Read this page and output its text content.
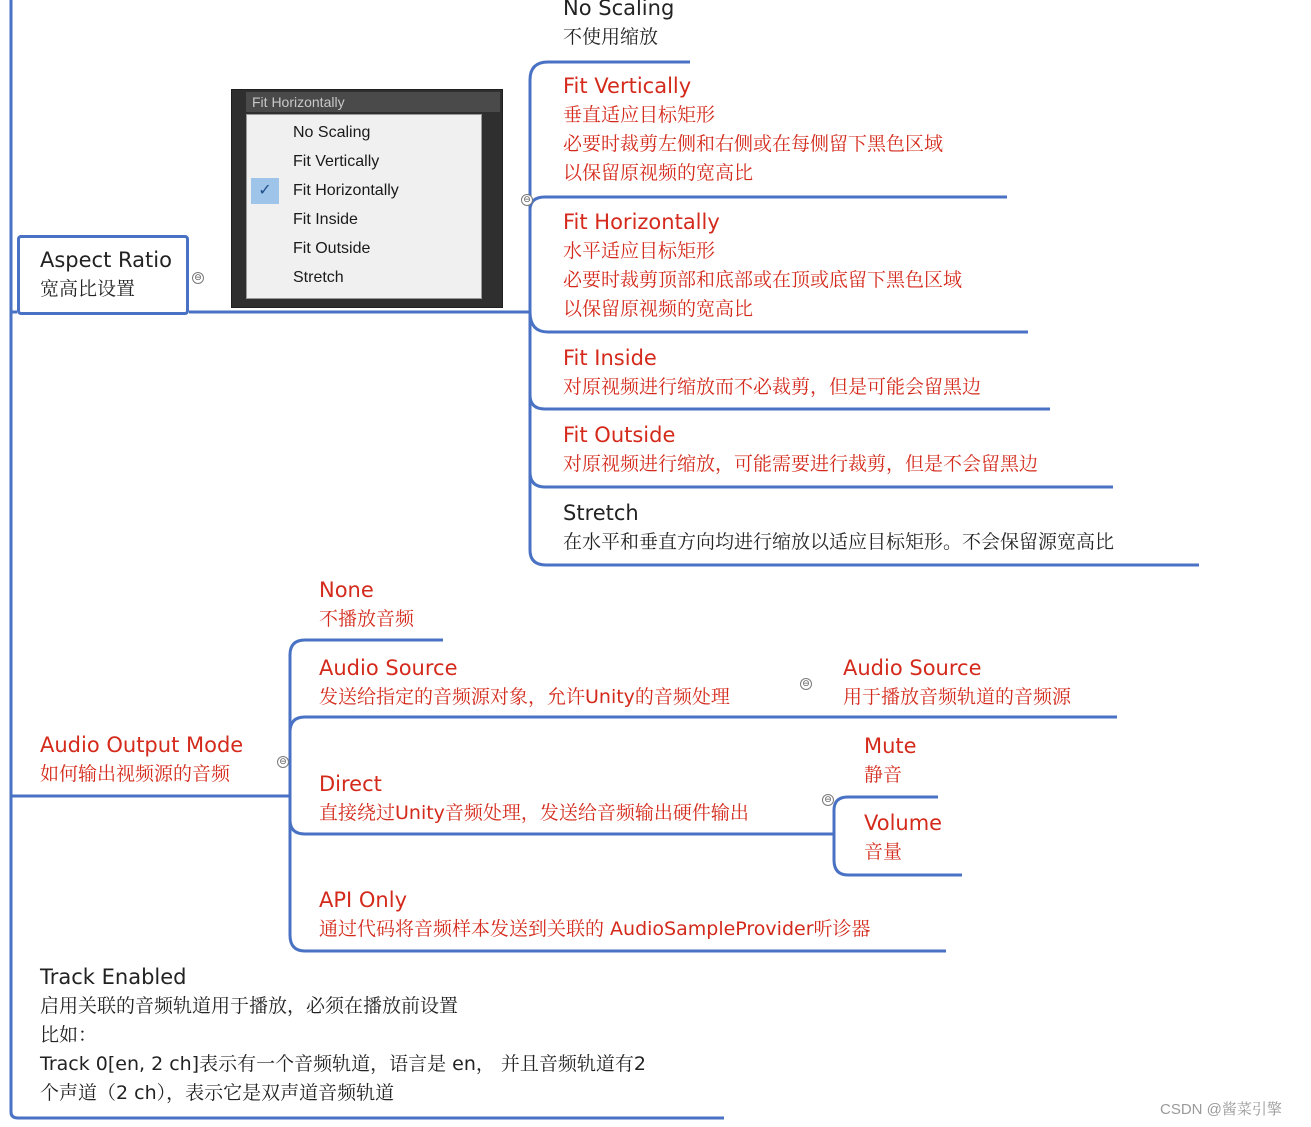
Aspect Ratio
宽高比设置	⊖
Fit Horizontally
No Scaling
Fit Vertically
✓	Fit Horizontally
Fit Inside
Fit Outside
Stretch
⊖
No Scaling
不使用缩放
Fit Vertically
垂直适应目标矩形
必要时裁剪左侧和右侧或在每侧留下黑色区域
以保留原视频的宽高比
Fit Horizontally
水平适应目标矩形
必要时裁剪顶部和底部或在顶或底留下黑色区域
以保留原视频的宽高比
Fit Inside
对原视频进行缩放而不必裁剪，但是可能会留黑边
Fit Outside
对原视频进行缩放，可能需要进行裁剪，但是不会留黑边
Stretch
在水平和垂直方向均进行缩放以适应目标矩形。不会保留源宽高比
Audio Output Mode
如何输出视频源的音频
⊖
None
不播放音频
Audio Source
发送给指定的音频源对象，允许Unity的音频处理
⊖
Audio Source
用于播放音频轨道的音频源
Direct
直接绕过Unity音频处理，发送给音频输出硬件输出
⊖
Mute
静音
Volume
音量
API Only
通过代码将音频样本发送到关联的 AudioSampleProvider听诊器
Track Enabled
启用关联的音频轨道用于播放，必须在播放前设置
比如：
Track 0[en, 2 ch]表示有一个音频轨道，语言是 en， 并且音频轨道有2
个声道（2 ch），表示它是双声道音频轨道
CSDN @酱菜引擎
